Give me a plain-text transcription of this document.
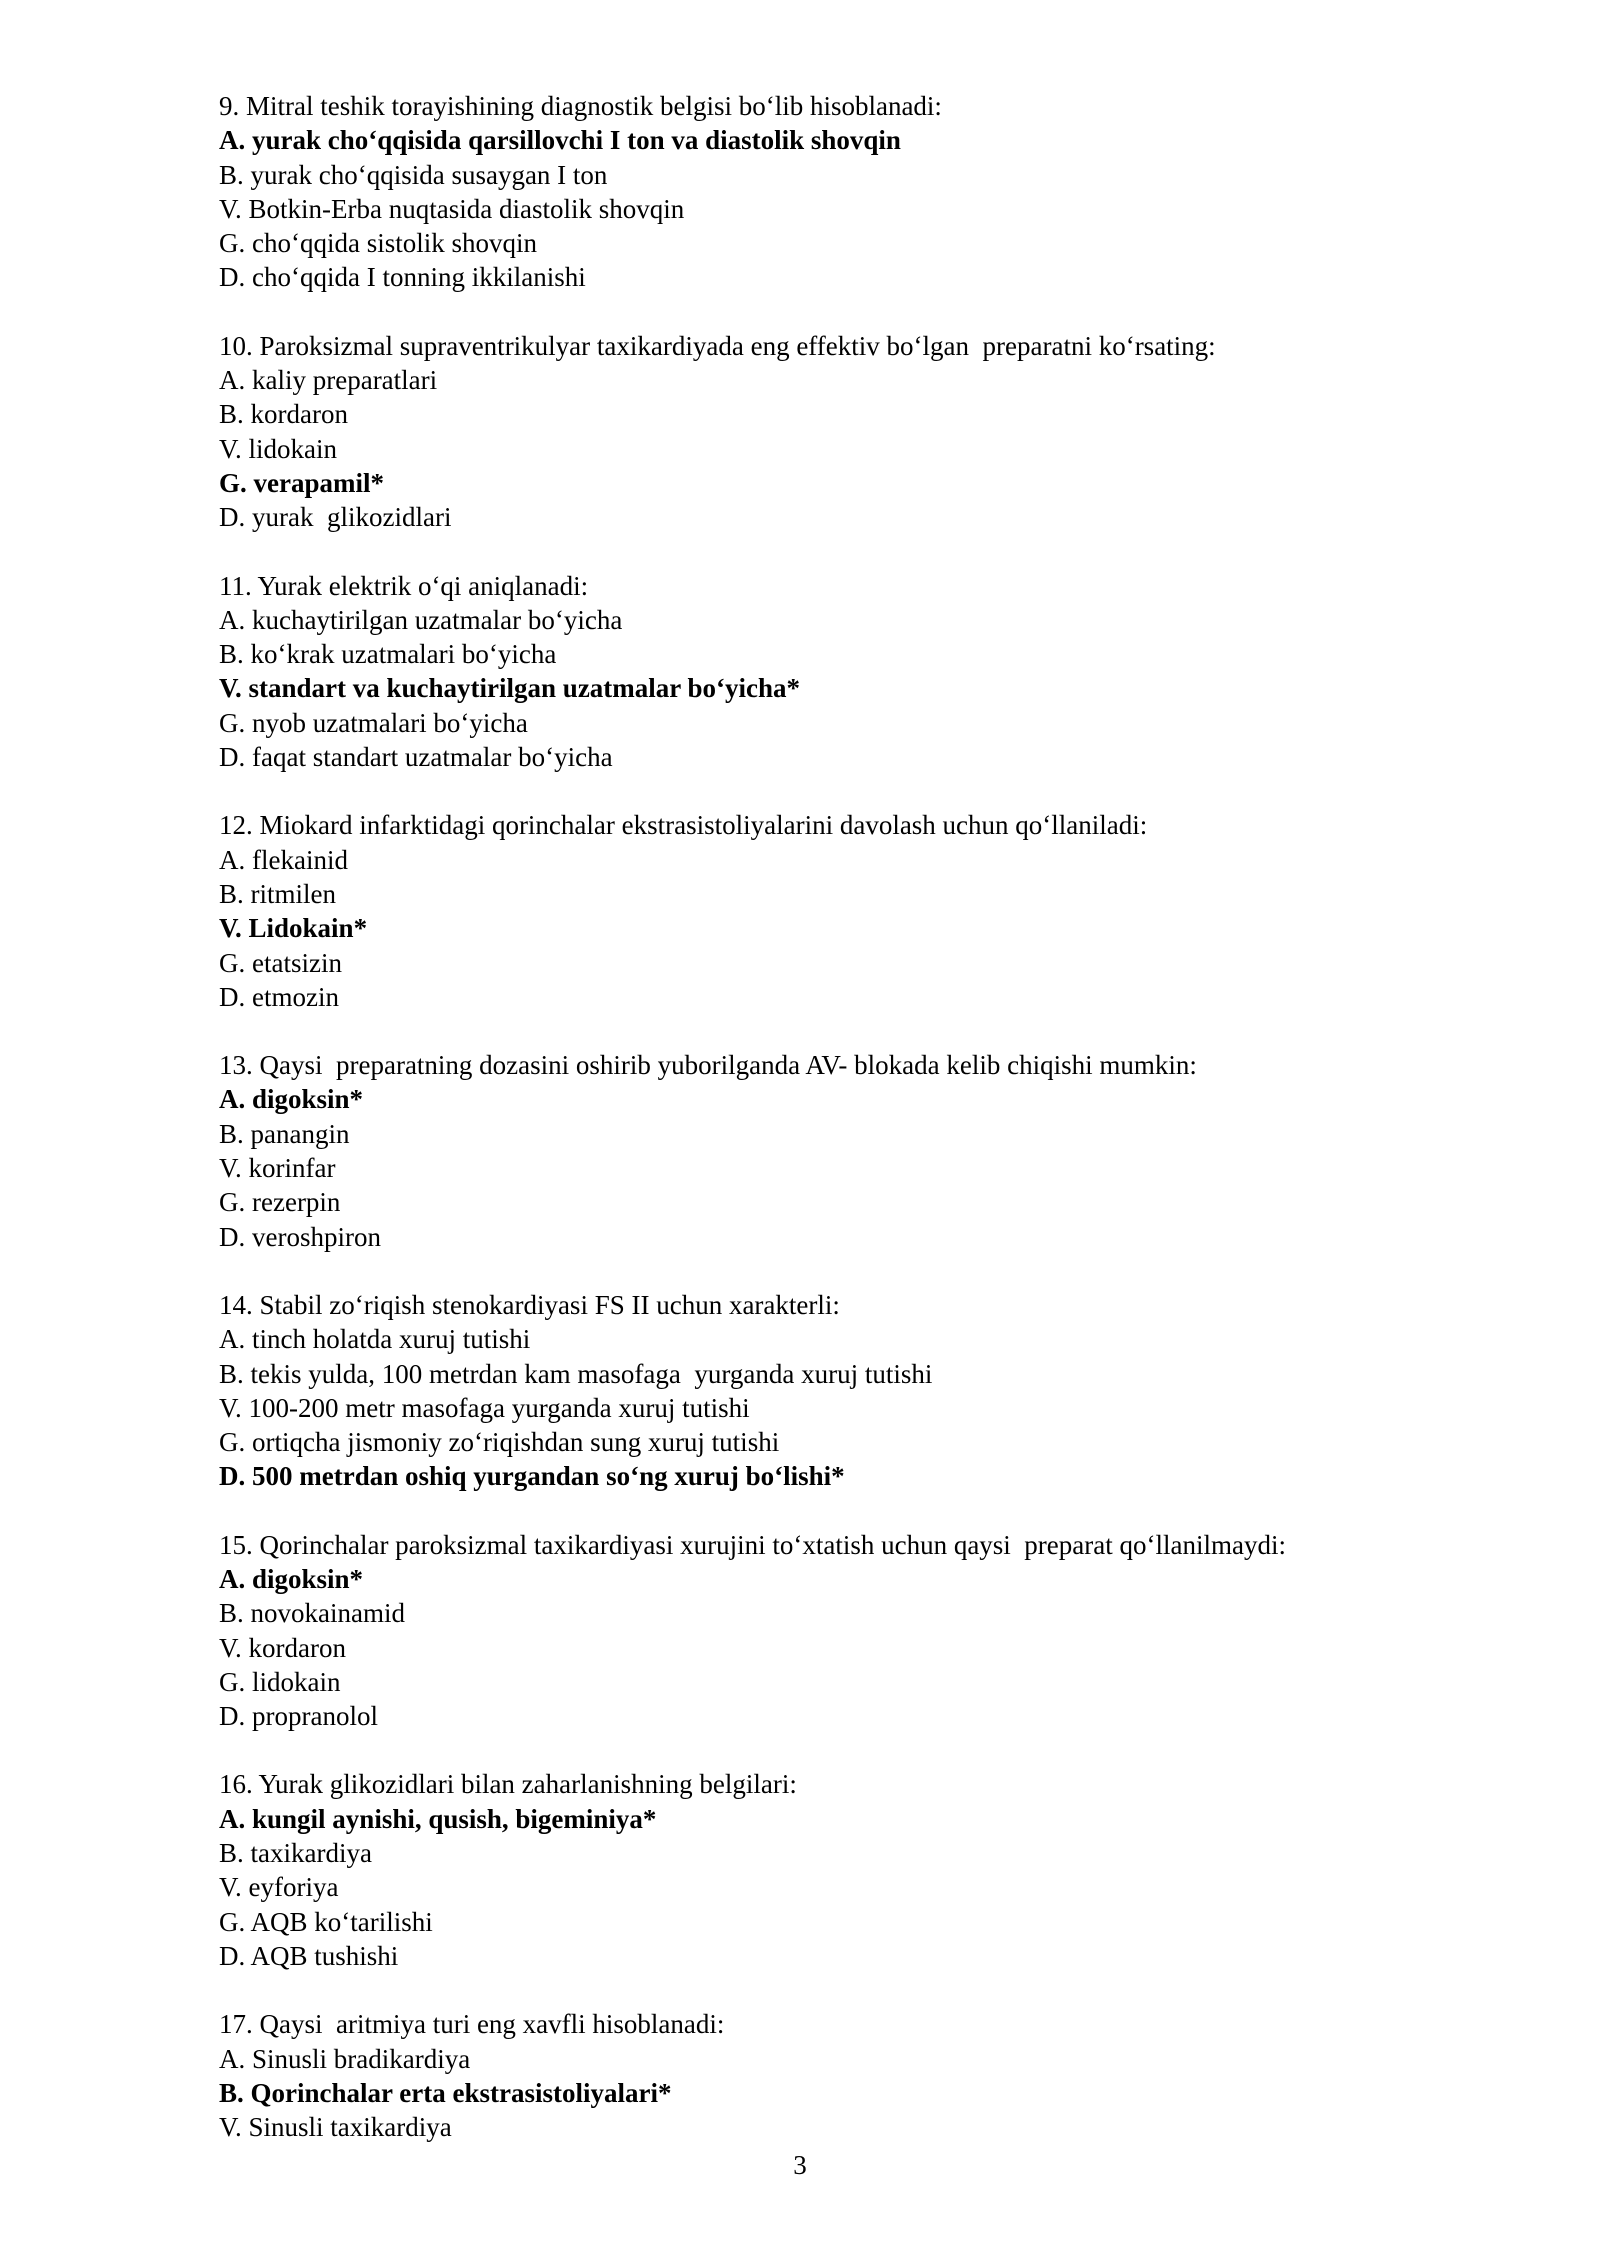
9. Mitral teshik torayishining diagnostik belgisi bo‘lib hisoblanadi:
A. yurak cho‘qqisida qarsillovchi I ton va diastolik shovqin
B. yurak cho‘qqisida susaygan I ton
V. Botkin-Erba nuqtasida diastolik shovqin
G. cho‘qqida sistolik shovqin
D. cho‘qqida I tonning ikkilanishi
10. Paroksizmal supraventrikulyar taxikardiyada eng effektiv bo‘lgan  preparatni ko‘rsating:
A. kaliy preparatlari
B. kordaron
V. lidokain
G. verapamil*
D. yurak  glikozidlari
11. Yurak elektrik o‘qi aniqlanadi:
A. kuchaytirilgan uzatmalar bo‘yicha
B. ko‘krak uzatmalari bo‘yicha
V. standart va kuchaytirilgan uzatmalar bo‘yicha*
G. nyob uzatmalari bo‘yicha
D. faqat standart uzatmalar bo‘yicha
12. Miokard infarktidagi qorinchalar ekstrasistoliyalarini davolash uchun qo‘llaniladi:
A. flekainid
B. ritmilen
V. Lidokain*
G. etatsizin
D. etmozin
13. Qaysi  preparatning dozasini oshirib yuborilganda AV- blokada kelib chiqishi mumkin:
A. digoksin*
B. panangin
V. korinfar
G. rezerpin
D. veroshpiron
14. Stabil zo‘riqish stenokardiyasi FS II uchun xarakterli:
A. tinch holatda xuruj tutishi
B. tekis yulda, 100 metrdan kam masofaga  yurganda xuruj tutishi
V. 100-200 metr masofaga yurganda xuruj tutishi
G. ortiqcha jismoniy zo‘riqishdan sung xuruj tutishi
D. 500 metrdan oshiq yurgandan so‘ng xuruj bo‘lishi*
15. Qorinchalar paroksizmal taxikardiyasi xurujini to‘xtatish uchun qaysi  preparat qo‘llanilmaydi:
A. digoksin*
B. novokainamid
V. kordaron
G. lidokain
D. propranolol
16. Yurak glikozidlari bilan zaharlanishning belgilari:
A. kungil aynishi, qusish, bigeminiya*
B. taxikardiya
V. eyforiya
G. AQB ko‘tarilishi
D. AQB tushishi
17. Qaysi  aritmiya turi eng xavfli hisoblanadi:
A. Sinusli bradikardiya
B. Qorinchalar erta ekstrasistoliyalari*
V. Sinusli taxikardiya
3
